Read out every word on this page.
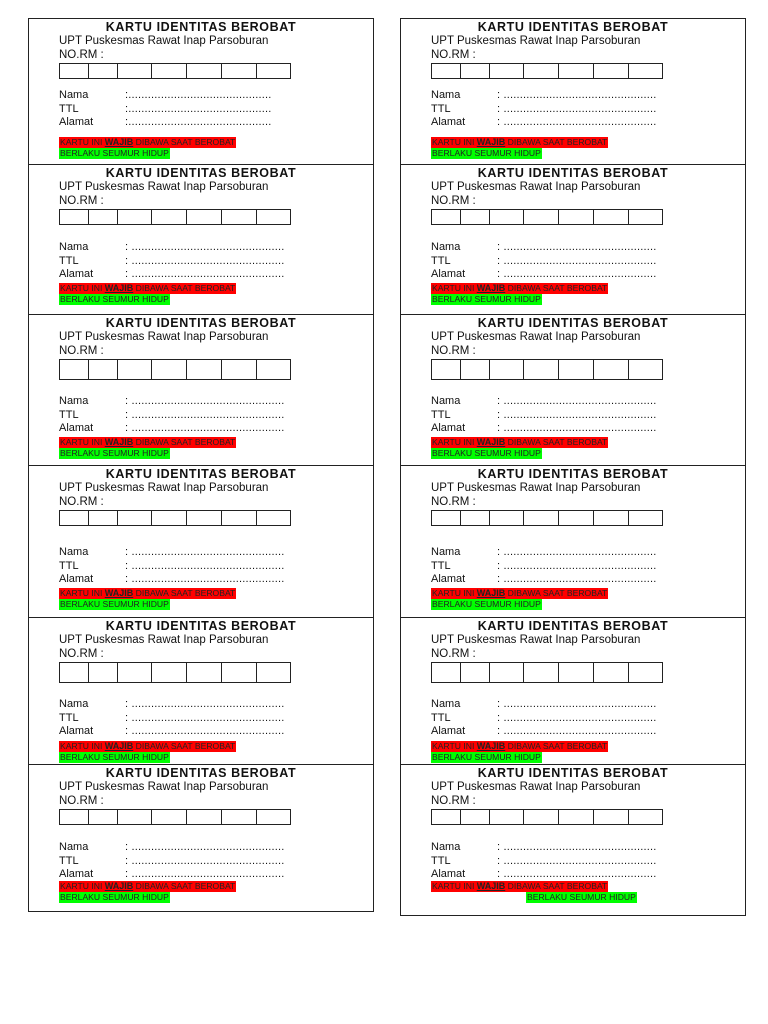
KARTU IDENTITAS BEROBAT
UPT Puskesmas Rawat Inap Parsoburan
NO.RM :
Nama	:............................................
TTL	:............................................
Alamat	:............................................
KARTU INI WAJIB DIBAWA SAAT BEROBAT
BERLAKU SEUMUR HIDUP
KARTU IDENTITAS BEROBAT
UPT Puskesmas Rawat Inap Parsoburan
NO.RM :
Nama	: ...............................................
TTL	: ...............................................
Alamat	: ...............................................
KARTU INI WAJIB DIBAWA SAAT BEROBAT
BERLAKU SEUMUR HIDUP
KARTU IDENTITAS BEROBAT
UPT Puskesmas Rawat Inap Parsoburan
NO.RM :
Nama	: ...............................................
TTL	: ...............................................
Alamat	: ...............................................
KARTU INI WAJIB DIBAWA SAAT BEROBAT
BERLAKU SEUMUR HIDUP
KARTU IDENTITAS BEROBAT
UPT Puskesmas Rawat Inap Parsoburan
NO.RM :
Nama	: ...............................................
TTL	: ...............................................
Alamat	: ...............................................
KARTU INI WAJIB DIBAWA SAAT BEROBAT
BERLAKU SEUMUR HIDUP
KARTU IDENTITAS BEROBAT
UPT Puskesmas Rawat Inap Parsoburan
NO.RM :
Nama	: ...............................................
TTL	: ...............................................
Alamat	: ...............................................
KARTU INI WAJIB DIBAWA SAAT BEROBAT
BERLAKU SEUMUR HIDUP
KARTU IDENTITAS BEROBAT
UPT Puskesmas Rawat Inap Parsoburan
NO.RM :
Nama	: ...............................................
TTL	: ...............................................
Alamat	: ...............................................
KARTU INI WAJIB DIBAWA SAAT BEROBAT
BERLAKU SEUMUR HIDUP
KARTU IDENTITAS BEROBAT
UPT Puskesmas Rawat Inap Parsoburan
NO.RM :
Nama	: ...............................................
TTL	: ...............................................
Alamat	: ...............................................
KARTU INI WAJIB DIBAWA SAAT BEROBAT
BERLAKU SEUMUR HIDUP
KARTU IDENTITAS BEROBAT
UPT Puskesmas Rawat Inap Parsoburan
NO.RM :
Nama	: ...............................................
TTL	: ...............................................
Alamat	: ...............................................
KARTU INI WAJIB DIBAWA SAAT BEROBAT
BERLAKU SEUMUR HIDUP
KARTU IDENTITAS BEROBAT
UPT Puskesmas Rawat Inap Parsoburan
NO.RM :
Nama	: ...............................................
TTL	: ...............................................
Alamat	: ...............................................
KARTU INI WAJIB DIBAWA SAAT BEROBAT
BERLAKU SEUMUR HIDUP
KARTU IDENTITAS BEROBAT
UPT Puskesmas Rawat Inap Parsoburan
NO.RM :
Nama	: ...............................................
TTL	: ...............................................
Alamat	: ...............................................
KARTU INI WAJIB DIBAWA SAAT BEROBAT
BERLAKU SEUMUR HIDUP
KARTU IDENTITAS BEROBAT
UPT Puskesmas Rawat Inap Parsoburan
NO.RM :
Nama	: ...............................................
TTL	: ...............................................
Alamat	: ...............................................
KARTU INI WAJIB DIBAWA SAAT BEROBAT
BERLAKU SEUMUR HIDUP
KARTU IDENTITAS BEROBAT
UPT Puskesmas Rawat Inap Parsoburan
NO.RM :
Nama	: ...............................................
TTL	: ...............................................
Alamat	: ...............................................
KARTU INI WAJIB DIBAWA SAAT BEROBAT
BERLAKU SEUMUR HIDUP
